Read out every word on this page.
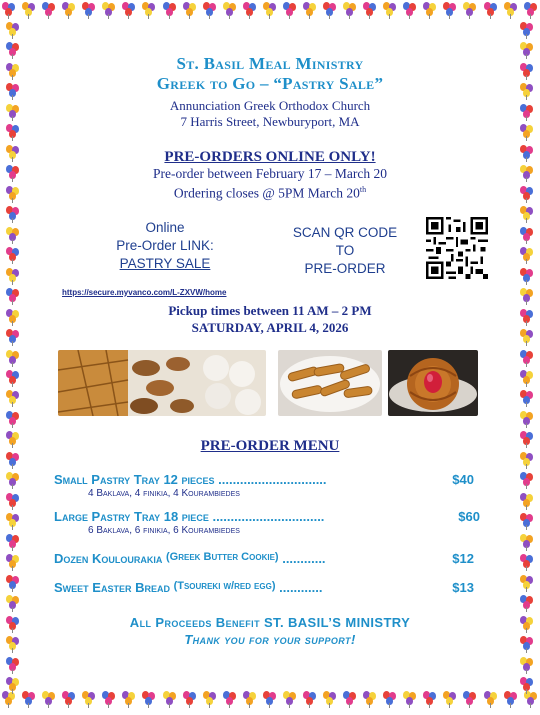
St. Basil Meal Ministry
Greek to Go – “Pastry Sale”
Annunciation Greek Orthodox Church
7 Harris Street, Newburyport, MA
PRE-ORDERS ONLINE ONLY!
Pre-order between February 17 – March 20
Ordering closes @ 5PM March 20th
Online
Pre-Order LINK:
PASTRY SALE
https://secure.myvanco.com/L-ZXVW/home
SCAN QR CODE
TO
PRE-ORDER
Pickup times between 11 AM – 2 PM
SATURDAY, APRIL 4, 2026
PRE-ORDER MENU
Small Pastry Tray 12 pieces
..............................	$40
4 Baklava, 4 finikia, 4 Kourambiedes
Large Pastry Tray 18 piece
...............................	$60
6 Baklava, 6 finikia, 6 Kourambiedes
Dozen Koulourakia
(Greek Butter Cookie)
............	$12
Sweet Easter Bread
(Tsoureki w/red egg)
............	$13
All Proceeds Benefit ST. BASIL’S MINISTRY
Thank you for your support!
